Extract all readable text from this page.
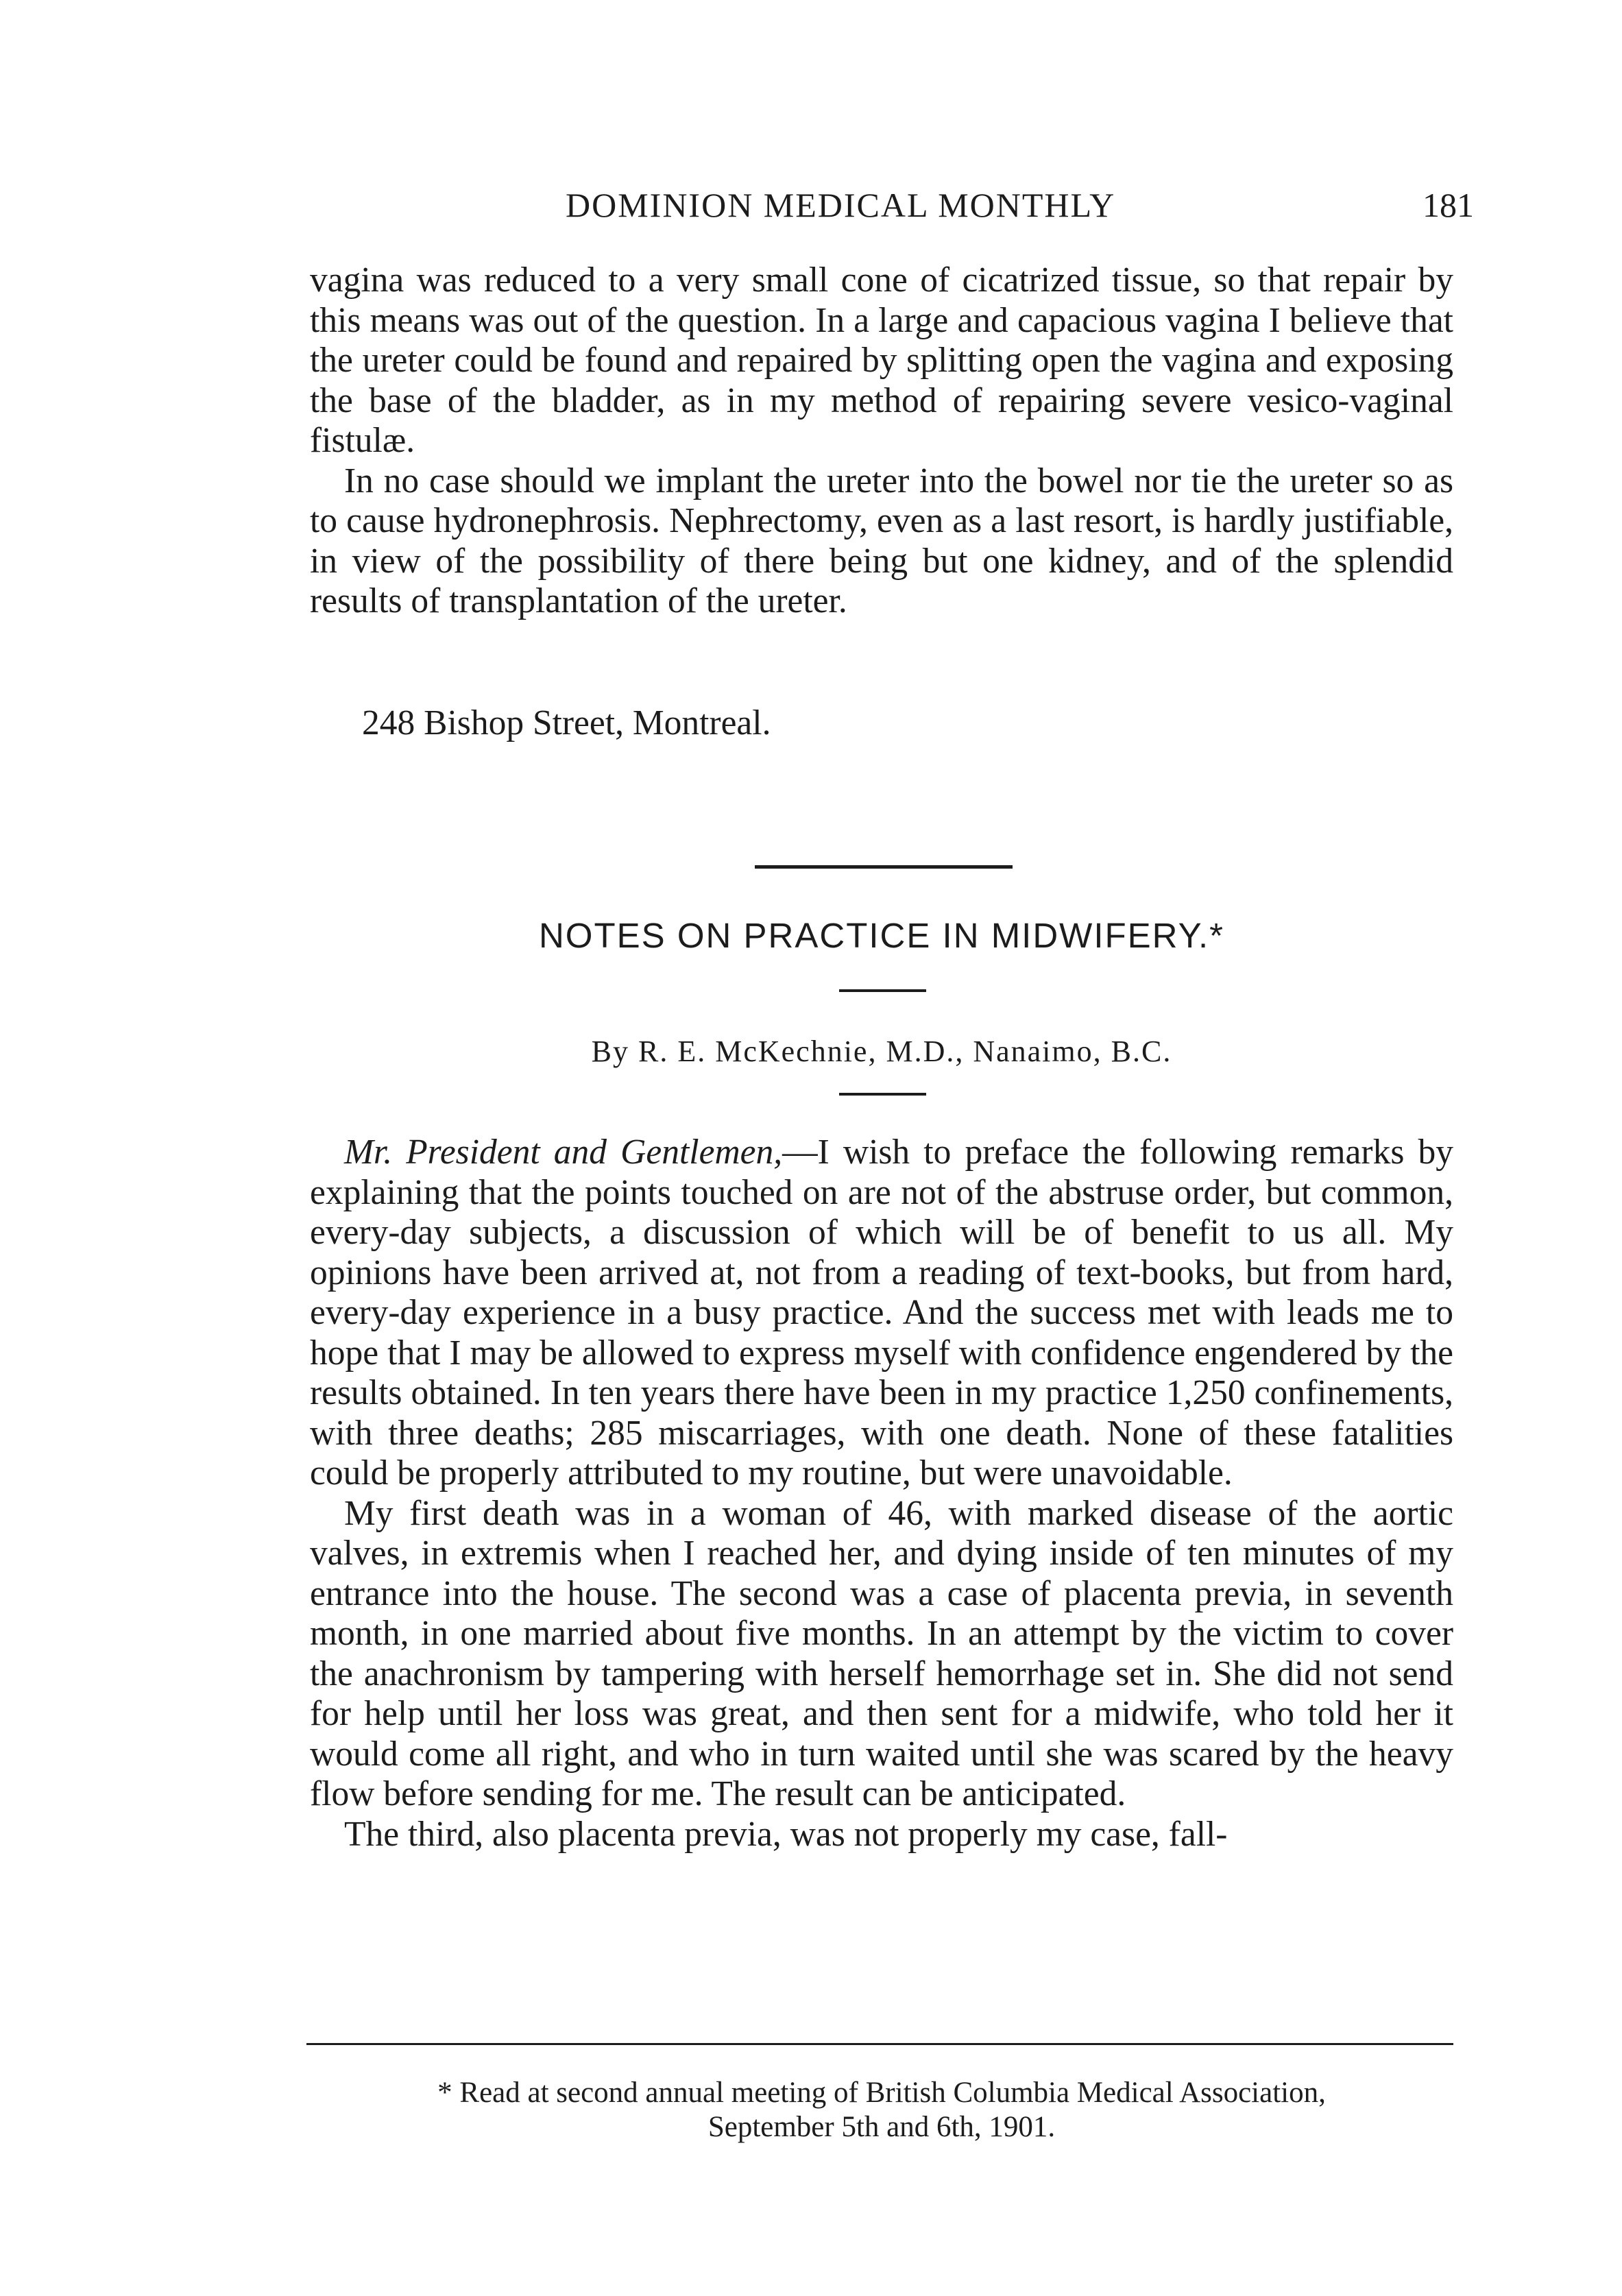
DOMINION MEDICAL MONTHLY	181

vagina was reduced to a very small cone of cicatrized tissue, so that repair by this means was out of the question. In a large and capacious vagina I believe that the ureter could be found and repaired by splitting open the vagina and exposing the base of the bladder, as in my method of repairing severe vesico-vaginal fistulæ.

In no case should we implant the ureter into the bowel nor tie the ureter so as to cause hydronephrosis. Nephrectomy, even as a last resort, is hardly justifiable, in view of the possibility of there being but one kidney, and of the splendid results of transplantation of the ureter.

248 Bishop Street, Montreal.
NOTES ON PRACTICE IN MIDWIFERY.*
By R. E. McKechnie, M.D., Nanaimo, B.C.

Mr. President and Gentlemen,—I wish to preface the following remarks by explaining that the points touched on are not of the abstruse order, but common, every-day subjects, a discussion of which will be of benefit to us all. My opinions have been arrived at, not from a reading of text-books, but from hard, every-day experience in a busy practice. And the success met with leads me to hope that I may be allowed to express myself with confidence engendered by the results obtained. In ten years there have been in my practice 1,250 confinements, with three deaths; 285 miscarriages, with one death. None of these fatalities could be properly attributed to my routine, but were unavoidable.

My first death was in a woman of 46, with marked disease of the aortic valves, in extremis when I reached her, and dying inside of ten minutes of my entrance into the house. The second was a case of placenta previa, in seventh month, in one married about five months. In an attempt by the victim to cover the anachronism by tampering with herself hemorrhage set in. She did not send for help until her loss was great, and then sent for a midwife, who told her it would come all right, and who in turn waited until she was scared by the heavy flow before sending for me. The result can be anticipated.

The third, also placenta previa, was not properly my case, fall-

* Read at second annual meeting of British Columbia Medical Association,

September 5th and 6th, 1901.
